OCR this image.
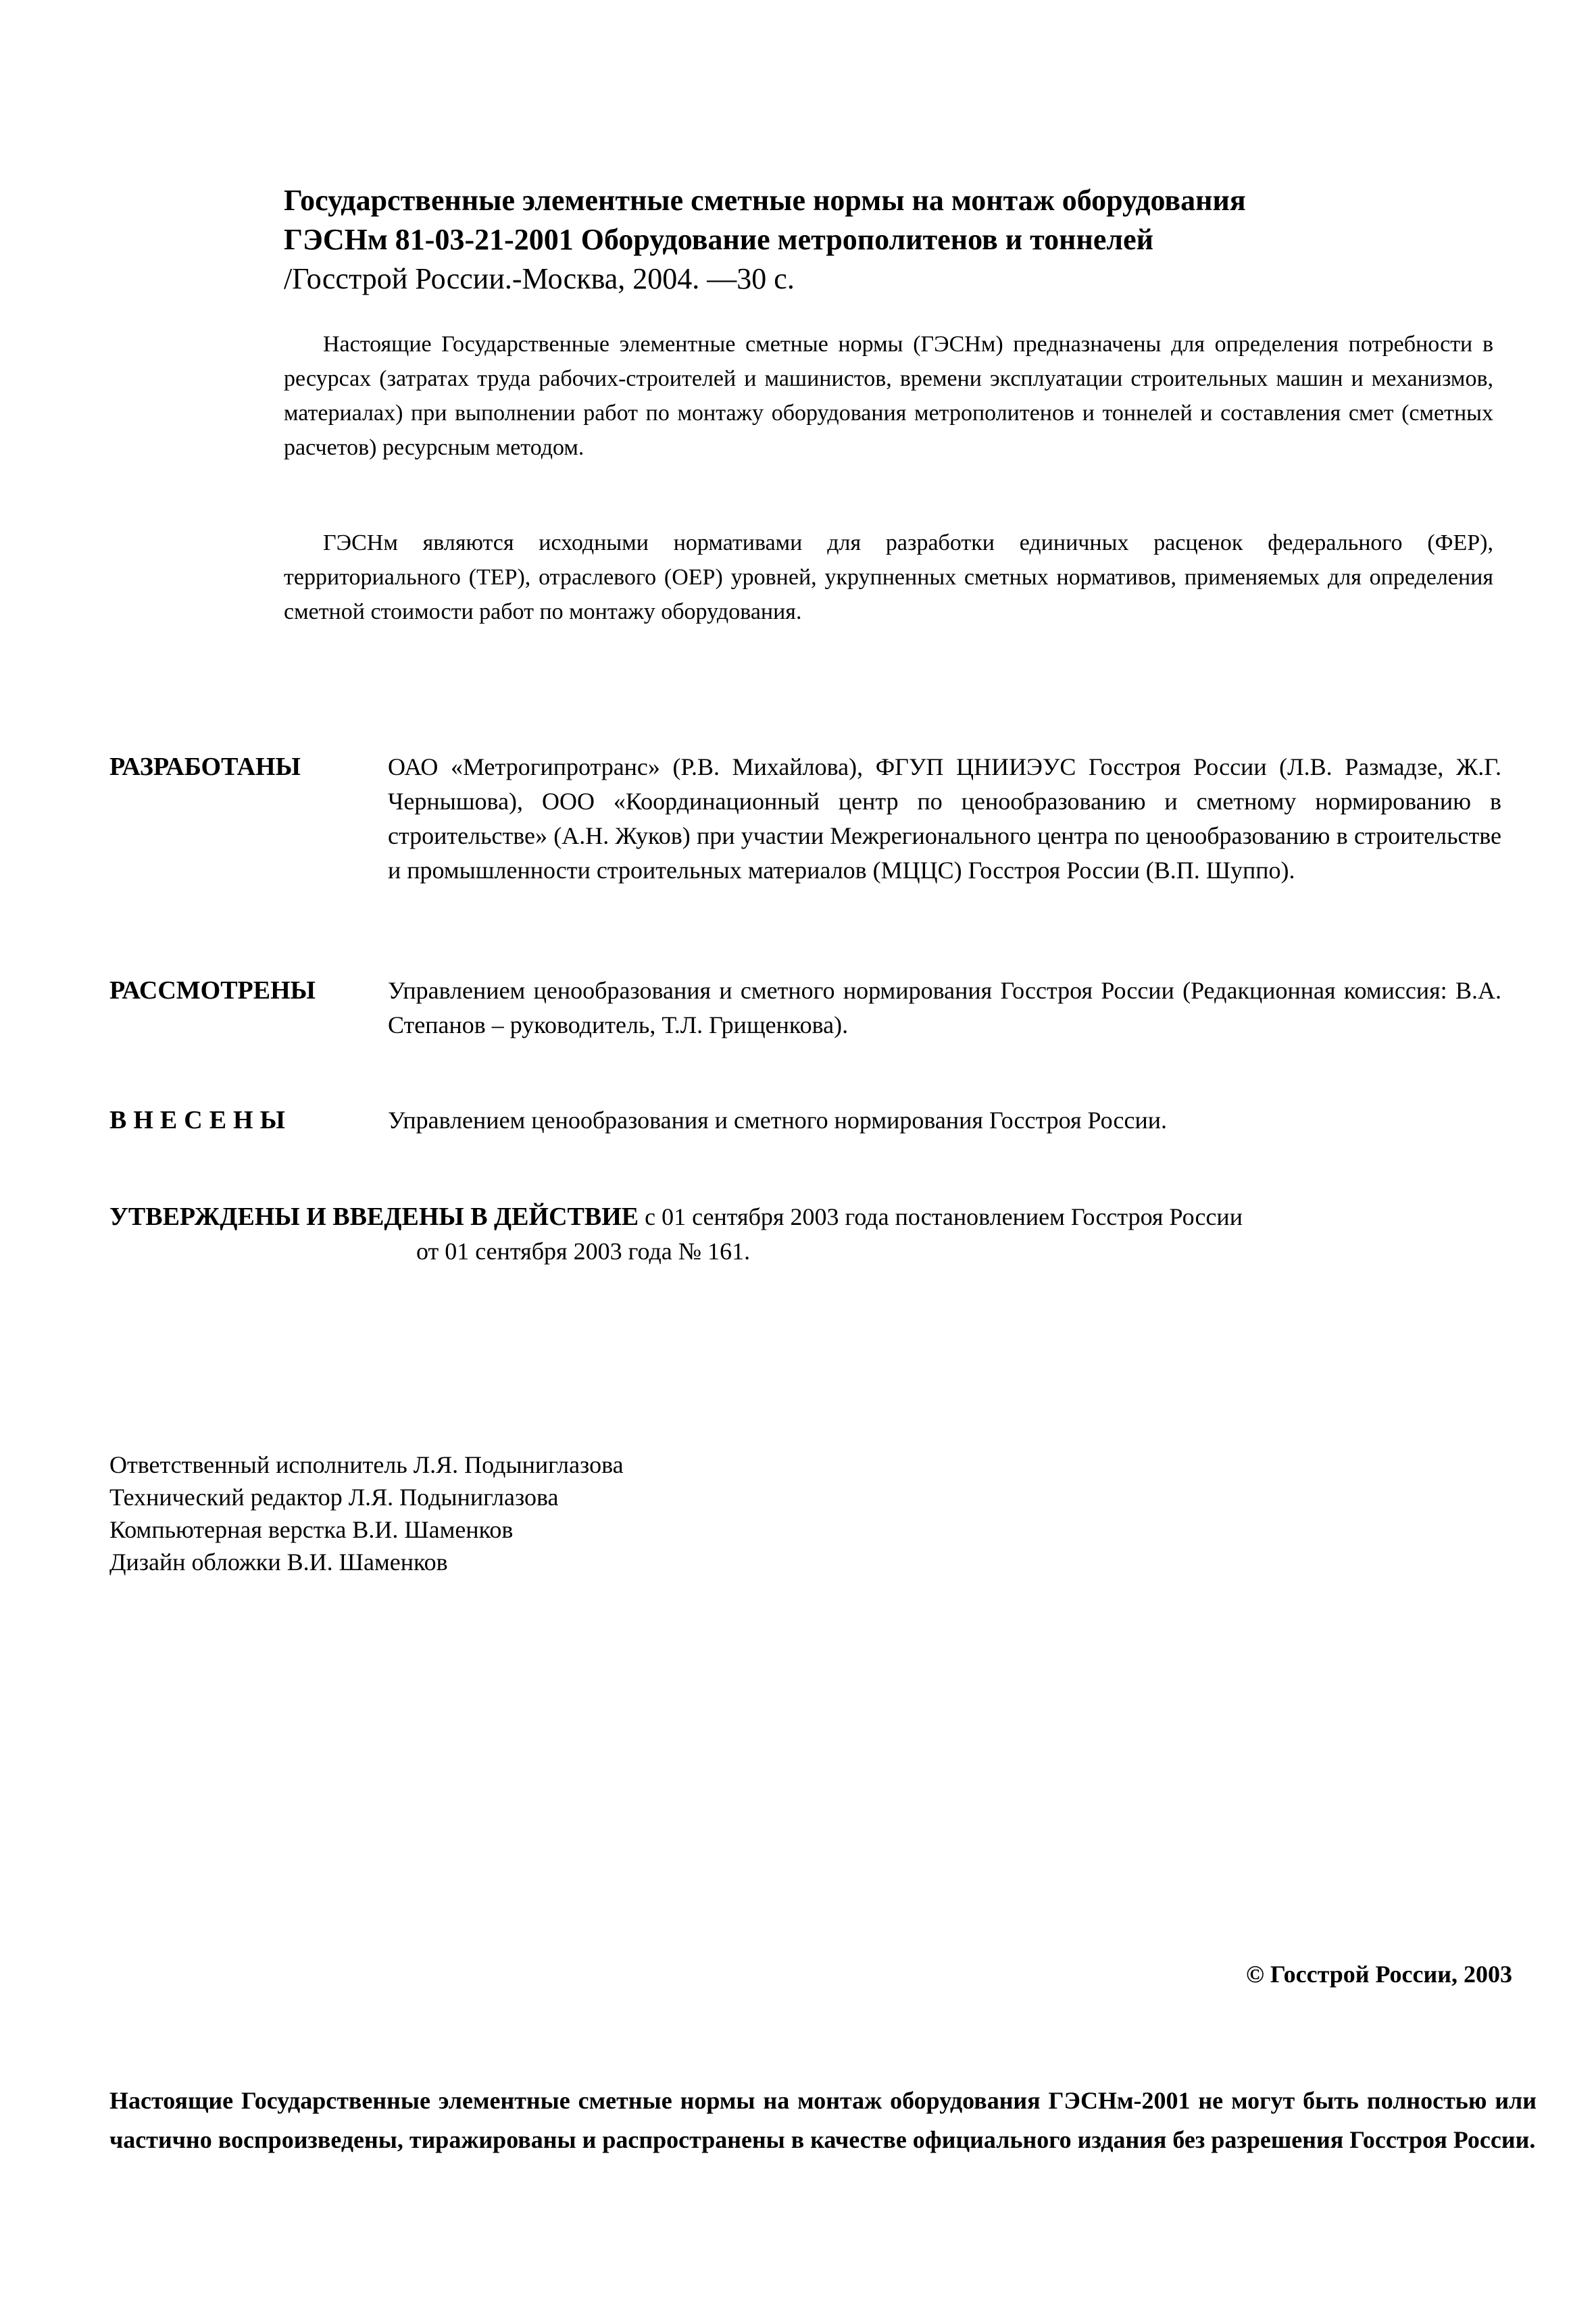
Государственные элементные сметные нормы на монтаж оборудования
ГЭСНм 81-03-21-2001 Оборудование метрополитенов и тоннелей
/Госстрой России.-Москва, 2004. —30 с.
Настоящие Государственные элементные сметные нормы (ГЭСНм) предназначены для определения потребности в ресурсах (затратах труда рабочих-строителей и машинистов, времени эксплуатации строительных машин и механизмов, материалах) при выполнении работ по монтажу оборудования метрополитенов и тоннелей и составления смет (сметных расчетов) ресурсным методом.
ГЭСНм являются исходными нормативами для разработки единичных расценок федерального (ФЕР), территориального (ТЕР), отраслевого (ОЕР) уровней, укрупненных сметных нормативов, применяемых для определения сметной стоимости работ по монтажу оборудования.
РАЗРАБОТАНЫ	ОАО «Метрогипротранс» (Р.В. Михайлова), ФГУП ЦНИИЭУС Госстроя России (Л.В. Размадзе, Ж.Г. Чернышова), ООО «Координационный центр по ценообразованию и сметному нормированию в строительстве» (А.Н. Жуков) при участии Межрегионального центра по ценообразованию в строительстве и промышленности строительных материалов (МЦЦС) Госстроя России (В.П. Шуппо).
РАССМОТРЕНЫ	Управлением ценообразования и сметного нормирования Госстроя России (Редакционная комиссия: В.А. Степанов – руководитель, Т.Л. Грищенкова).
ВНЕСЕНЫ	Управлением ценообразования и сметного нормирования Госстроя России.
УТВЕРЖДЕНЫ И ВВЕДЕНЫ В ДЕЙСТВИЕ с 01 сентября 2003 года постановлением Госстроя России
от 01 сентября 2003 года № 161.
Ответственный исполнитель Л.Я. Подыниглазова
Технический редактор Л.Я. Подыниглазова
Компьютерная верстка В.И. Шаменков
Дизайн обложки В.И. Шаменков
© Госстрой России, 2003
Настоящие Государственные элементные сметные нормы на монтаж оборудования ГЭСНм-2001 не могут быть полностью или частично воспроизведены, тиражированы и распространены в качестве официального издания без разрешения Госстроя России.
